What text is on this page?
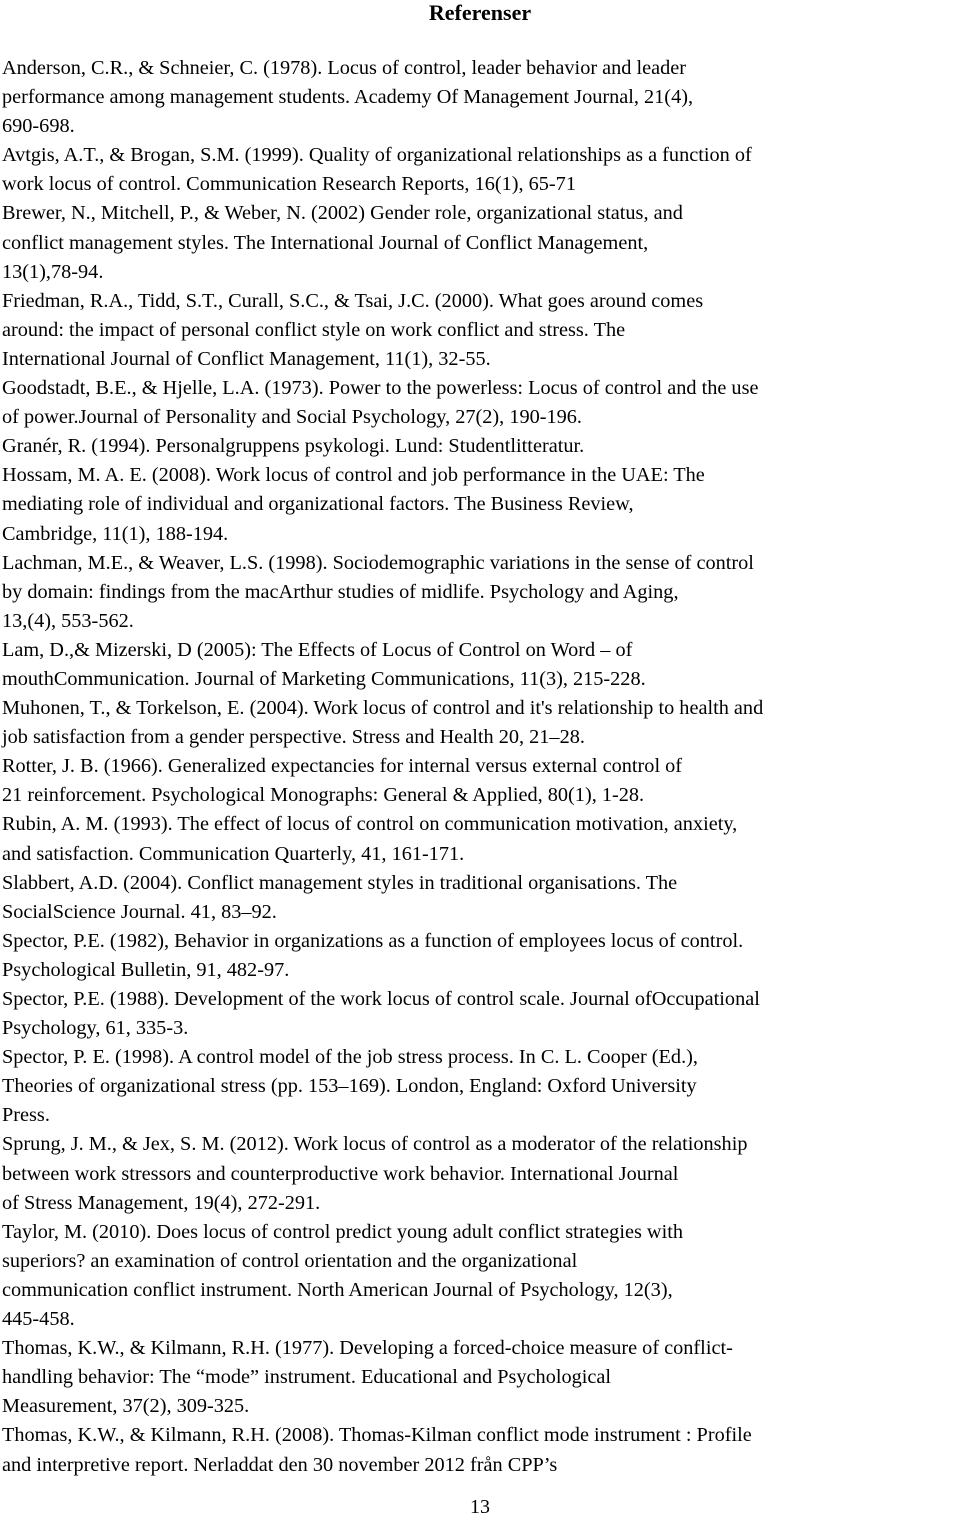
Referenser
Anderson, C.R., & Schneier, C. (1978). Locus of control, leader behavior and leader
performance among management students. Academy Of Management Journal, 21(4),
690-698.
Avtgis, A.T., & Brogan, S.M. (1999). Quality of organizational relationships as a function of
work locus of control. Communication Research Reports, 16(1), 65-71
Brewer, N., Mitchell, P., & Weber, N. (2002) Gender role, organizational status, and
conflict management styles. The International Journal of Conflict Management,
13(1),78-94.
Friedman, R.A., Tidd, S.T., Curall, S.C., & Tsai, J.C. (2000). What goes around comes
around: the impact of personal conflict style on work conflict and stress. The
International Journal of Conflict Management, 11(1), 32-55.
Goodstadt, B.E., & Hjelle, L.A. (1973). Power to the powerless: Locus of control and the use
of power.Journal of Personality and Social Psychology, 27(2), 190-196.
Granér, R. (1994). Personalgruppens psykologi. Lund: Studentlitteratur.
Hossam, M. A. E. (2008). Work locus of control and job performance in the UAE: The
mediating role of individual and organizational factors. The Business Review,
Cambridge, 11(1), 188-194.
Lachman, M.E., & Weaver, L.S. (1998). Sociodemographic variations in the sense of control
by domain: findings from the macArthur studies of midlife. Psychology and Aging,
13,(4), 553-562.
Lam, D.,& Mizerski, D (2005): The Effects of Locus of Control on Word – of
mouthCommunication. Journal of Marketing Communications, 11(3), 215-228.
Muhonen, T., & Torkelson, E. (2004). Work locus of control and it's relationship to health and
job satisfaction from a gender perspective. Stress and Health 20, 21–28.
Rotter, J. B. (1966). Generalized expectancies for internal versus external control of
21 reinforcement. Psychological Monographs: General & Applied, 80(1), 1-28.
Rubin, A. M. (1993). The effect of locus of control on communication motivation, anxiety,
and satisfaction. Communication Quarterly, 41, 161-171.
Slabbert, A.D. (2004). Conflict management styles in traditional organisations. The
SocialScience Journal. 41, 83–92.
Spector, P.E. (1982), Behavior in organizations as a function of employees locus of control.
Psychological Bulletin, 91, 482-97.
Spector, P.E. (1988). Development of the work locus of control scale. Journal ofOccupational
Psychology, 61, 335-3.
Spector, P. E. (1998). A control model of the job stress process. In C. L. Cooper (Ed.),
Theories of organizational stress (pp. 153–169). London, England: Oxford University
Press.
Sprung, J. M., & Jex, S. M. (2012). Work locus of control as a moderator of the relationship
between work stressors and counterproductive work behavior. International Journal
of Stress Management, 19(4), 272-291.
Taylor, M. (2010). Does locus of control predict young adult conflict strategies with
superiors? an examination of control orientation and the organizational
communication conflict instrument. North American Journal of Psychology, 12(3),
445-458.
Thomas, K.W., & Kilmann, R.H. (1977). Developing a forced-choice measure of conflict-
handling behavior: The “mode” instrument. Educational and Psychological
Measurement, 37(2), 309-325.
Thomas, K.W., & Kilmann, R.H. (2008). Thomas-Kilman conflict mode instrument : Profile
and interpretive report. Nerladdat den 30 november 2012 från CPP’s
13
